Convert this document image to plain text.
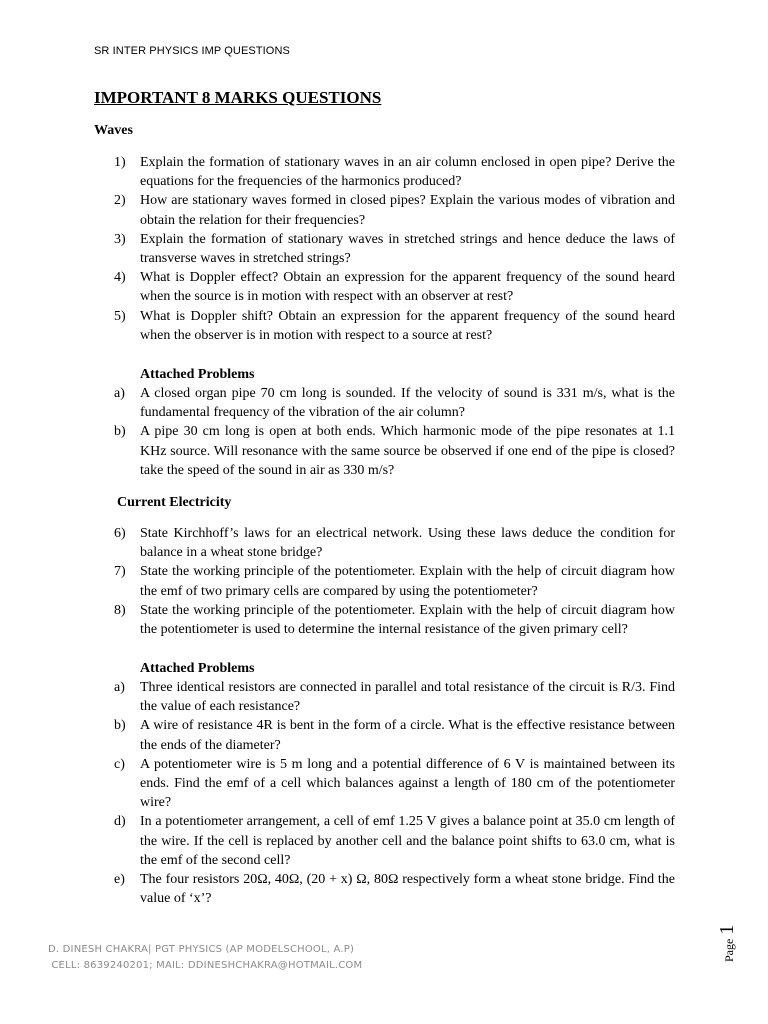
SR INTER PHYSICS IMP QUESTIONS
IMPORTANT 8 MARKS QUESTIONS
Waves
1)	Explain the formation of stationary waves in an air column enclosed in open pipe? Derive the equations for the frequencies of the harmonics produced?
2)	How are stationary waves formed in closed pipes? Explain the various modes of vibration and obtain the relation for their frequencies?
3)	Explain the formation of stationary waves in stretched strings and hence deduce the laws of transverse waves in stretched strings?
4)	What is Doppler effect? Obtain an expression for the apparent frequency of the sound heard when the source is in motion with respect with an observer at rest?
5)	What is Doppler shift? Obtain an expression for the apparent frequency of the sound heard when the observer is in motion with respect to a source at rest?
Attached Problems
a)	A closed organ pipe 70 cm long is sounded. If the velocity of sound is 331 m/s, what is the fundamental frequency of the vibration of the air column?
b)	A pipe 30 cm long is open at both ends. Which harmonic mode of the pipe resonates at 1.1 KHz source. Will resonance with the same source be observed if one end of the pipe is closed? take the speed of the sound in air as 330 m/s?
Current Electricity
6)	State Kirchhoff’s laws for an electrical network. Using these laws deduce the condition for balance in a wheat stone bridge?
7)	State the working principle of the potentiometer. Explain with the help of circuit diagram how the emf of two primary cells are compared by using the potentiometer?
8)	State the working principle of the potentiometer. Explain with the help of circuit diagram how the potentiometer is used to determine the internal resistance of the given primary cell?
Attached Problems
a)	Three identical resistors are connected in parallel and total resistance of the circuit is R/3. Find the value of each resistance?
b)	A wire of resistance 4R is bent in the form of a circle. What is the effective resistance between the ends of the diameter?
c)	A potentiometer wire is 5 m long and a potential difference of 6 V is maintained between its ends. Find the emf of a cell which balances against a length of 180 cm of the potentiometer wire?
d)	In a potentiometer arrangement, a cell of emf 1.25 V gives a balance point at 35.0 cm length of the wire. If the cell is replaced by another cell and the balance point shifts to 63.0 cm, what is the emf of the second cell?
e)	The four resistors 20Ω, 40Ω, (20 + x) Ω, 80Ω respectively form a wheat stone bridge. Find the value of ‘x’?
D. DINESH CHAKRA| PGT PHYSICS (AP MODELSCHOOL, A.P)
CELL: 8639240201; MAIL: DDINESHCHAKRA@HOTMAIL.COM
Page 1
